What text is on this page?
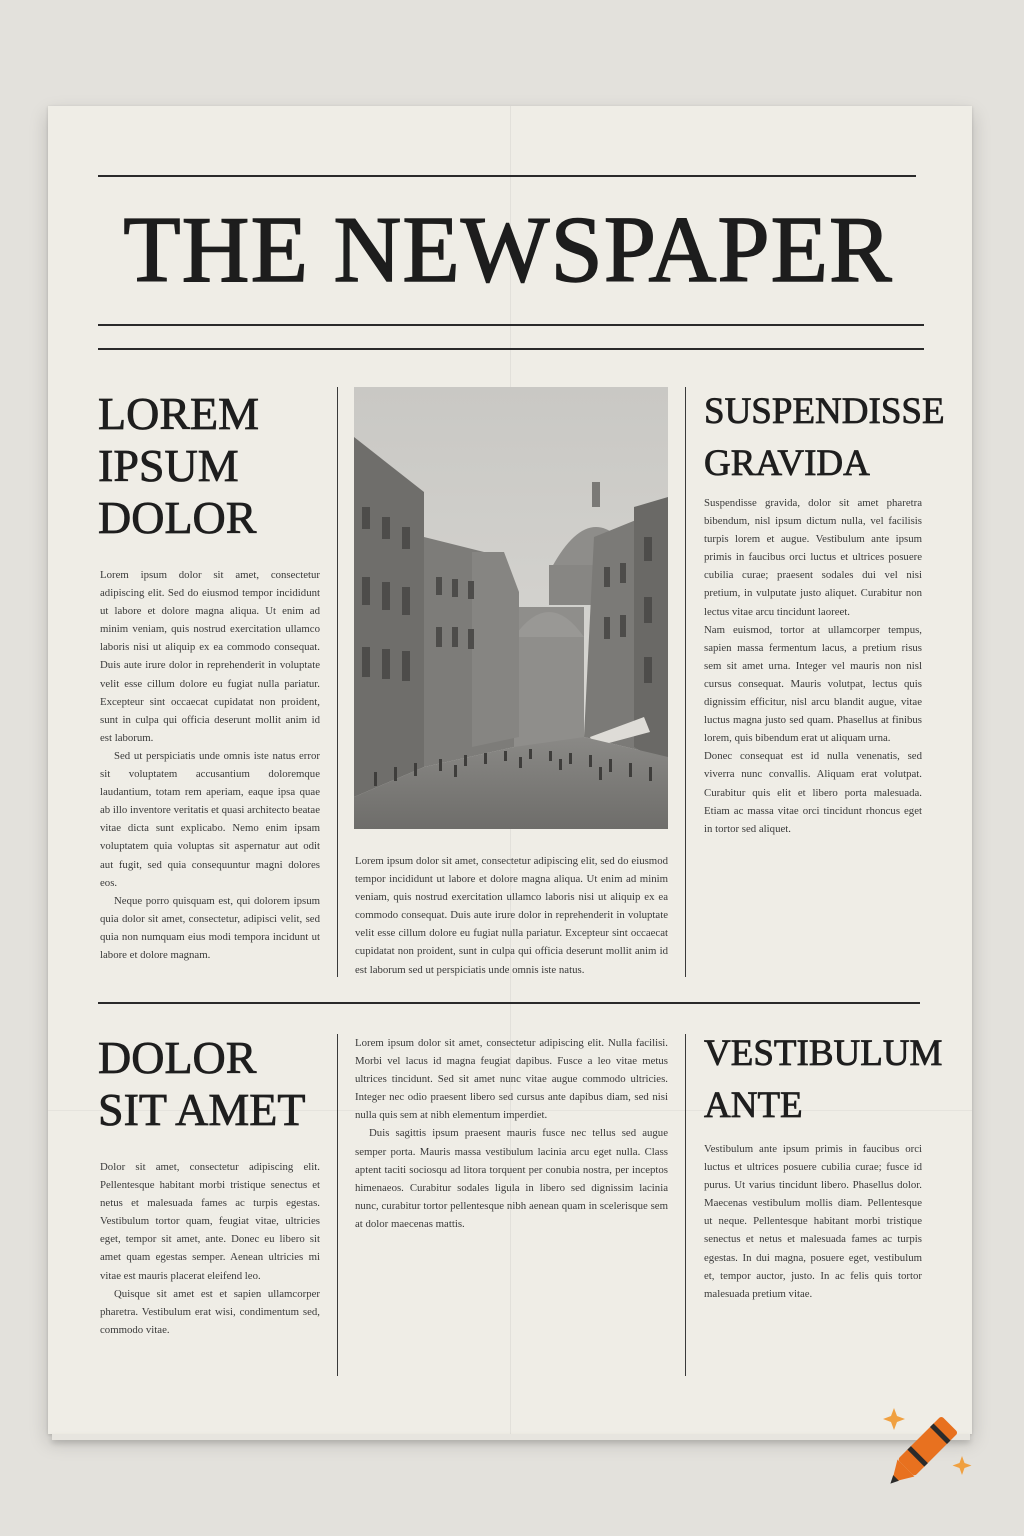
THE NEWSPAPER
LOREM
IPSUM
DOLOR

Lorem ipsum dolor sit amet, consectetur adipiscing elit. Sed do eiusmod tempor incididunt ut labore et dolore magna aliqua. Ut enim ad minim veniam, quis nostrud exercitation ullamco laboris nisi ut aliquip ex ea commodo consequat. Duis aute irure dolor in reprehenderit in voluptate velit esse cillum dolore eu fugiat nulla pariatur. Excepteur sint occaecat cupidatat non proident, sunt in culpa qui officia deserunt mollit anim id est laborum.

Sed ut perspiciatis unde omnis iste natus error sit voluptatem accusantium doloremque laudantium, totam rem aperiam, eaque ipsa quae ab illo inventore veritatis et quasi architecto beatae vitae dicta sunt explicabo. Nemo enim ipsam voluptatem quia voluptas sit aspernatur aut odit aut fugit, sed quia consequuntur magni dolores eos.

Neque porro quisquam est, qui dolorem ipsum quia dolor sit amet, consectetur, adipisci velit, sed quia non numquam eius modi tempora incidunt ut labore et dolore magnam.

Lorem ipsum dolor sit amet, consectetur adipiscing elit, sed do eiusmod tempor incididunt ut labore et dolore magna aliqua. Ut enim ad minim veniam, quis nostrud exercitation ullamco laboris nisi ut aliquip ex ea commodo consequat. Duis aute irure dolor in reprehenderit in voluptate velit esse cillum dolore eu fugiat nulla pariatur. Excepteur sint occaecat cupidatat non proident, sunt in culpa qui officia deserunt mollit anim id est laborum sed ut perspiciatis unde omnis iste natus.

SUSPENDISSE
GRAVIDA

Suspendisse gravida, dolor sit amet pharetra bibendum, nisl ipsum dictum nulla, vel facilisis turpis lorem et augue. Vestibulum ante ipsum primis in faucibus orci luctus et ultrices posuere cubilia curae; praesent sodales dui vel nisi pretium, in vulputate justo aliquet. Curabitur non lectus vitae arcu tincidunt laoreet.

Nam euismod, tortor at ullamcorper tempus, sapien massa fermentum lacus, a pretium risus sem sit amet urna. Integer vel mauris non nisl cursus consequat. Mauris volutpat, lectus quis dignissim efficitur, nisl arcu blandit augue, vitae luctus magna justo sed quam. Phasellus at finibus lorem, quis bibendum erat ut aliquam urna.

Donec consequat est id nulla venenatis, sed viverra nunc convallis. Aliquam erat volutpat. Curabitur quis elit et libero porta malesuada. Etiam ac massa vitae orci tincidunt rhoncus eget in tortor sed aliquet.

DOLOR
SIT AMET

Dolor sit amet, consectetur adipiscing elit. Pellentesque habitant morbi tristique senectus et netus et malesuada fames ac turpis egestas. Vestibulum tortor quam, feugiat vitae, ultricies eget, tempor sit amet, ante. Donec eu libero sit amet quam egestas semper. Aenean ultricies mi vitae est mauris placerat eleifend leo.

Quisque sit amet est et sapien ullamcorper pharetra. Vestibulum erat wisi, condimentum sed, commodo vitae.

Lorem ipsum dolor sit amet, consectetur adipiscing elit. Nulla facilisi. Morbi vel lacus id magna feugiat dapibus. Fusce a leo vitae metus ultrices tincidunt. Sed sit amet nunc vitae augue commodo ultricies. Integer nec odio praesent libero sed cursus ante dapibus diam, sed nisi nulla quis sem at nibh elementum imperdiet.

Duis sagittis ipsum praesent mauris fusce nec tellus sed augue semper porta. Mauris massa vestibulum lacinia arcu eget nulla. Class aptent taciti sociosqu ad litora torquent per conubia nostra, per inceptos himenaeos. Curabitur sodales ligula in libero sed dignissim lacinia nunc, curabitur tortor pellentesque nibh aenean quam in scelerisque sem at dolor maecenas mattis.

VESTIBULUM
ANTE

Vestibulum ante ipsum primis in faucibus orci luctus et ultrices posuere cubilia curae; fusce id purus. Ut varius tincidunt libero. Phasellus dolor. Maecenas vestibulum mollis diam. Pellentesque ut neque. Pellentesque habitant morbi tristique senectus et netus et malesuada fames ac turpis egestas. In dui magna, posuere eget, vestibulum et, tempor auctor, justo. In ac felis quis tortor malesuada pretium vitae.
